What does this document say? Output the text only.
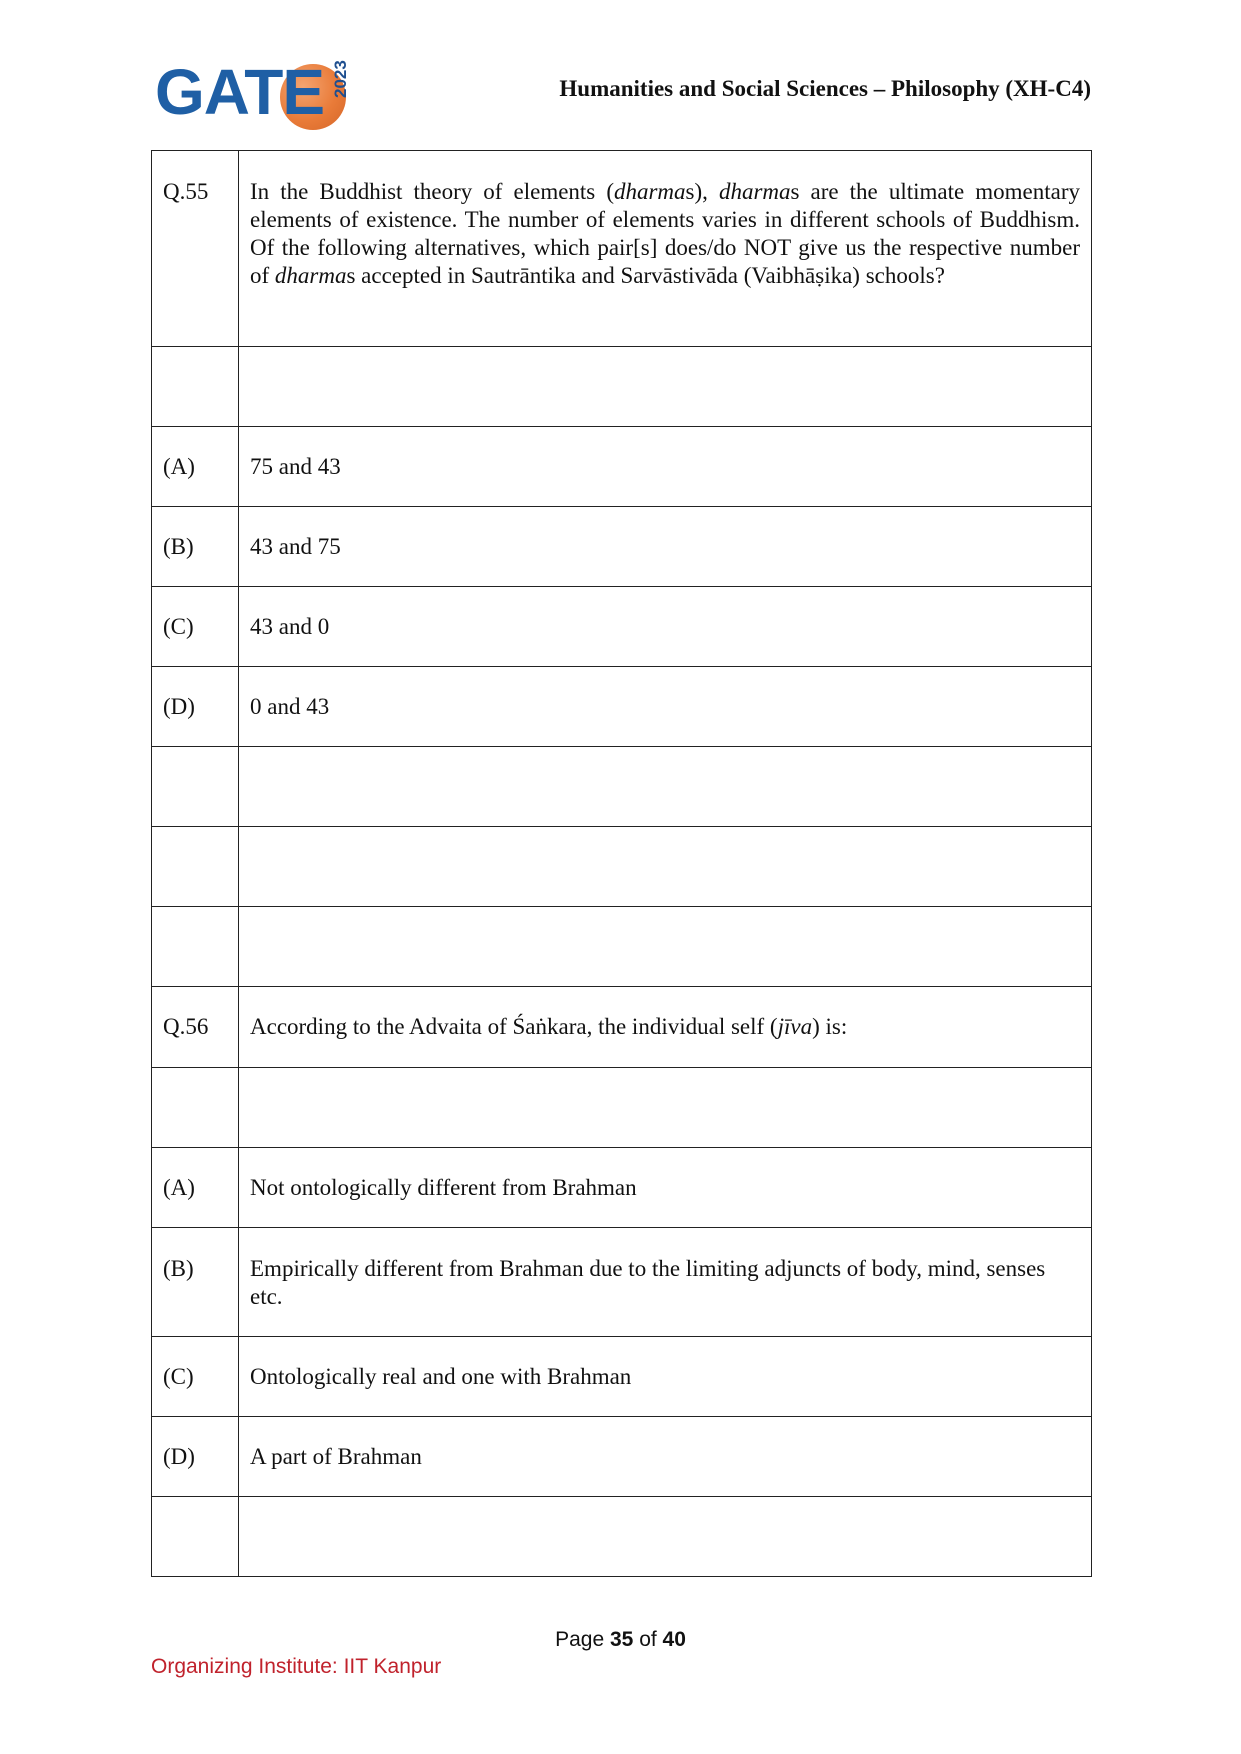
GATE 2023	Humanities and Social Sciences – Philosophy (XH-C4)
Q.55	In the Buddhist theory of elements (dharmas), dharmas are the ultimate momentary elements of existence. The number of elements varies in different schools of Buddhism. Of the following alternatives, which pair[s] does/do NOT give us the respective number of dharmas accepted in Sautrāntika and Sarvāstivāda (Vaibhāṣika) schools?

(A)	75 and 43
(B)	43 and 75
(C)	43 and 0
(D)	0 and 43

Q.56	According to the Advaita of Śaṅkara, the individual self (jīva) is:

(A)	Not ontologically different from Brahman
(B)	Empirically different from Brahman due to the limiting adjuncts of body, mind, senses etc.
(C)	Ontologically real and one with Brahman
(D)	A part of Brahman

Page 35 of 40
Organizing Institute: IIT Kanpur
